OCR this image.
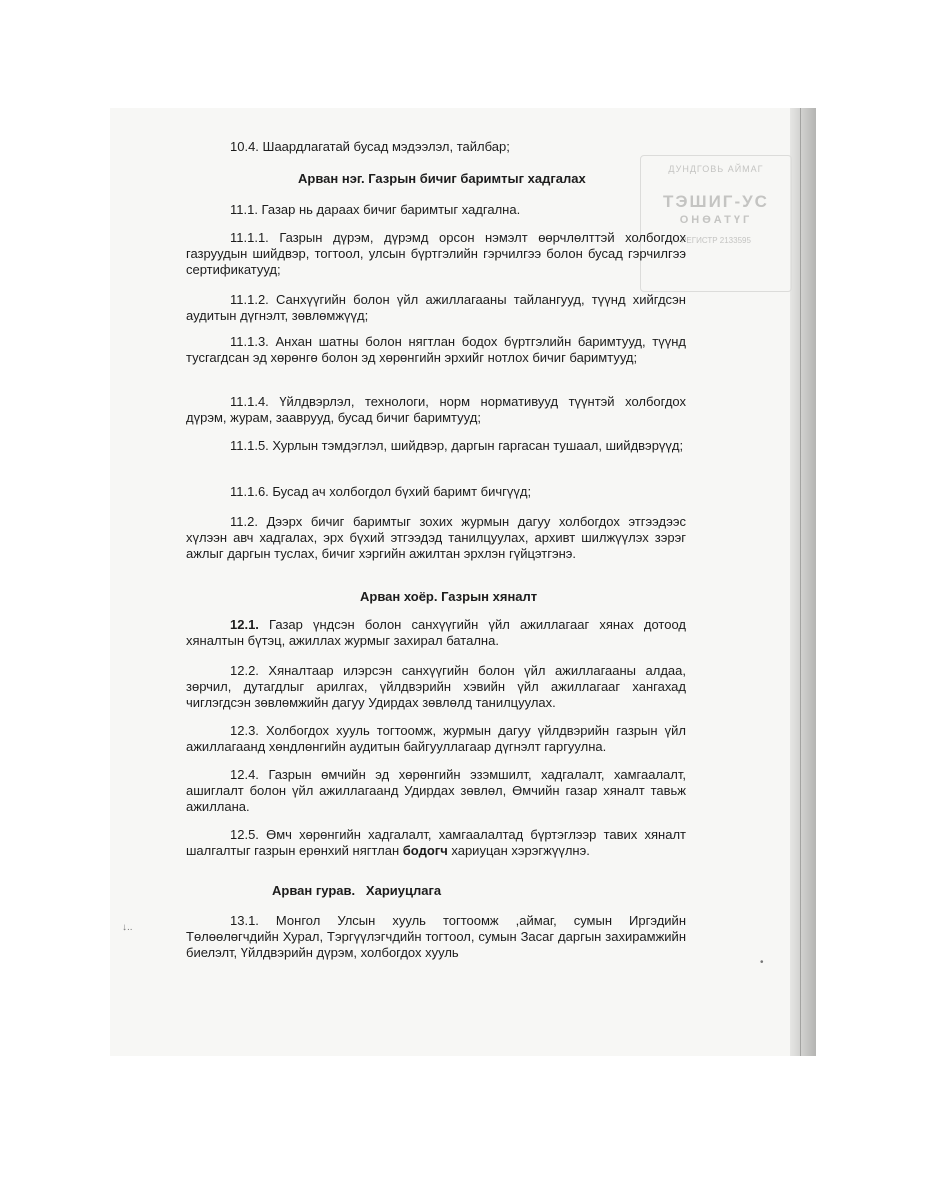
ДУНДГОВЬ АЙМАГ
ТЭШИГ-УС
ОНӨАТҮГ
РЕГИСТР 2133595

10.4. Шаардлагатай бусад мэдээлэл, тайлбар;

Арван нэг. Газрын бичиг баримтыг хадгалах

11.1. Газар нь дараах бичиг баримтыг хадгална.

11.1.1. Газрын дүрэм, дүрэмд орсон нэмэлт өөрчлөлттэй холбогдох газруудын шийдвэр, тогтоол, улсын бүртгэлийн гэрчилгээ болон бусад гэрчилгээ сертификатууд;

11.1.2. Санхүүгийн болон үйл ажиллагааны тайлангууд, түүнд хийгдсэн аудитын дүгнэлт, зөвлөмжүүд;

11.1.3. Анхан шатны болон нягтлан бодох бүртгэлийн баримтууд, түүнд тусгагдсан эд хөрөнгө болон эд хөрөнгийн эрхийг нотлох бичиг баримтууд;

11.1.4. Үйлдвэрлэл, технологи, норм нормативууд түүнтэй холбогдох дүрэм, журам, зааврууд, бусад бичиг баримтууд;

11.1.5. Хурлын тэмдэглэл, шийдвэр, даргын гаргасан тушаал, шийдвэрүүд;

11.1.6. Бусад ач холбогдол бүхий баримт бичгүүд;

11.2. Дээрх бичиг баримтыг зохих журмын дагуу холбогдох этгээдээс хүлээн авч хадгалах, эрх бүхий этгээдэд танилцуулах, архивт шилжүүлэх зэрэг ажлыг даргын туслах, бичиг хэргийн ажилтан эрхлэн гүйцэтгэнэ.

Арван хоёр. Газрын хяналт

12.1. Газар үндсэн болон санхүүгийн үйл ажиллагааг хянах дотоод хяналтын бүтэц, ажиллах журмыг захирал батална.

12.2. Хяналтаар илэрсэн санхүүгийн болон үйл ажиллагааны алдаа, зөрчил, дутагдлыг арилгах, үйлдвэрийн хэвийн үйл ажиллагааг хангахад чиглэгдсэн зөвлөмжийн дагуу Удирдах зөвлөлд танилцуулах.

12.3. Холбогдох хууль тогтоомж, журмын дагуу үйлдвэрийн газрын үйл ажиллагаанд хөндлөнгийн аудитын байгууллагаар дүгнэлт гаргуулна.

12.4. Газрын өмчийн эд хөрөнгийн эзэмшилт, хадгалалт, хамгаалалт, ашиглалт болон үйл ажиллагаанд Удирдах зөвлөл, Өмчийн газар хяналт тавьж ажиллана.

12.5. Өмч хөрөнгийн хадгалалт, хамгаалалтад бүртэглээр тавих хяналт шалгалтыг газрын ерөнхий нягтлан бодогч хариуцан хэрэгжүүлнэ.

Арван гурав.   Хариуцлага

13.1. Монгол Улсын хууль тогтоомж ,аймаг, сумын Иргэдийн Төлөөлөгчдийн Хурал, Тэргүүлэгчдийн тогтоол, сумын Засаг даргын захирамжийн биелэлт, Үйлдвэрийн дүрэм, холбогдох хууль

↓..
•
